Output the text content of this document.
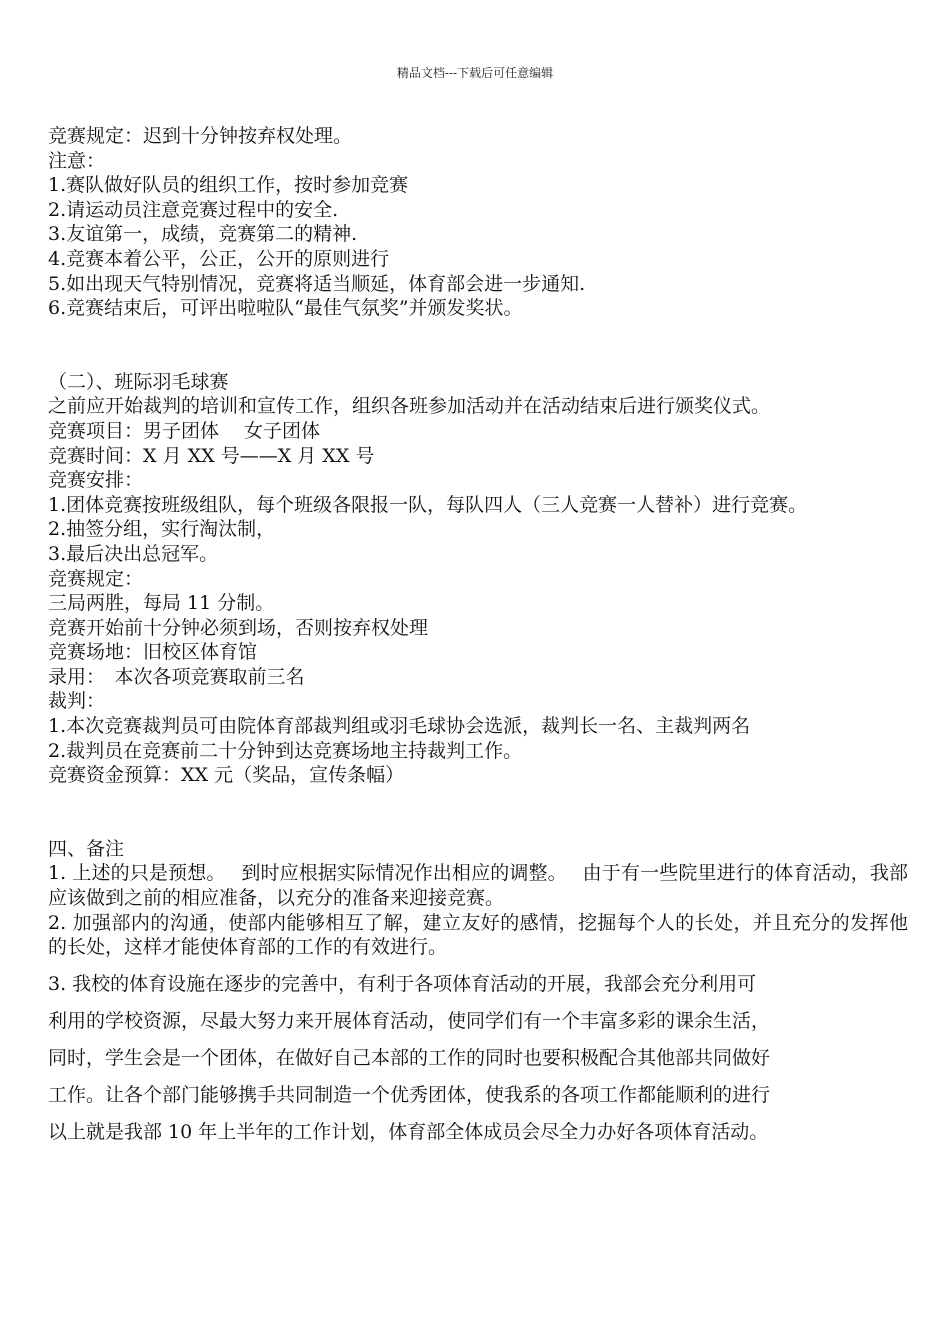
精品文档---下载后可任意编辑
竞赛规定：迟到十分钟按弃权处理。
注意：
1.赛队做好队员的组织工作，按时参加竞赛
2.请运动员注意竞赛过程中的安全.
3.友谊第一，成绩，竞赛第二的精神.
4.竞赛本着公平，公正，公开的原则进行
5.如出现天气特别情况，竞赛将适当顺延，体育部会进一步通知.
6.竞赛结束后，可评出啦啦队“最佳气氛奖”并颁发奖状。
（二）、班际羽毛球赛
之前应开始裁判的培训和宣传工作，组织各班参加活动并在活动结束后进行颁奖仪式。
竞赛项目：男子团体　 女子团体
竞赛时间：X 月 XX 号——X 月 XX 号
竞赛安排：
1.团体竞赛按班级组队，每个班级各限报一队，每队四人（三人竞赛一人替补）进行竞赛。
2.抽签分组，实行淘汰制，
3.最后决出总冠军。
竞赛规定：
三局两胜，每局 11 分制。
竞赛开始前十分钟必须到场，否则按弃权处理
竞赛场地：旧校区体育馆
录用：　本次各项竞赛取前三名
裁判：
1.本次竞赛裁判员可由院体育部裁判组或羽毛球协会选派，裁判长一名、主裁判两名
2.裁判员在竞赛前二十分钟到达竞赛场地主持裁判工作。
竞赛资金预算：XX 元（奖品，宣传条幅）
四、备注
1. 上述的只是预想。　 到时应根据实际情况作出相应的调整。　 由于有一些院里进行的体育活动，我部应该做到之前的相应准备，以充分的准备来迎接竞赛。
2. 加强部内的沟通，使部内能够相互了解，建立友好的感情，挖掘每个人的长处，并且充分的发挥他的长处，这样才能使体育部的工作的有效进行。
3. 我校的体育设施在逐步的完善中，有利于各项体育活动的开展，我部会充分利用可
利用的学校资源，尽最大努力来开展体育活动，使同学们有一个丰富多彩的课余生活，
同时，学生会是一个团体，在做好自己本部的工作的同时也要积极配合其他部共同做好
工作。让各个部门能够携手共同制造一个优秀团体，使我系的各项工作都能顺利的进行
以上就是我部 10 年上半年的工作计划，体育部全体成员会尽全力办好各项体育活动。
